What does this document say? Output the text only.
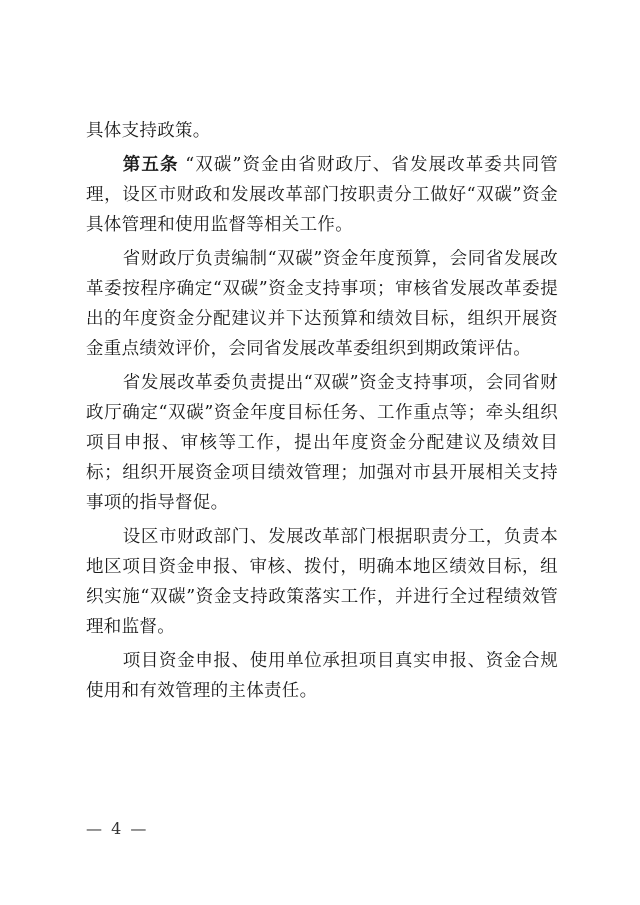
具体支持政策。

第五条 “双碳”资金由省财政厅、省发展改革委共同管理，设区市财政和发展改革部门按职责分工做好“双碳”资金具体管理和使用监督等相关工作。

省财政厅负责编制“双碳”资金年度预算，会同省发展改革委按程序确定“双碳”资金支持事项；审核省发展改革委提出的年度资金分配建议并下达预算和绩效目标，组织开展资金重点绩效评价，会同省发展改革委组织到期政策评估。

省发展改革委负责提出“双碳”资金支持事项，会同省财政厅确定“双碳”资金年度目标任务、工作重点等；牵头组织项目申报、审核等工作，提出年度资金分配建议及绩效目标；组织开展资金项目绩效管理；加强对市县开展相关支持事项的指导督促。

设区市财政部门、发展改革部门根据职责分工，负责本地区项目资金申报、审核、拨付，明确本地区绩效目标，组织实施“双碳”资金支持政策落实工作，并进行全过程绩效管理和监督。

项目资金申报、使用单位承担项目真实申报、资金合规使用和有效管理的主体责任。

— 4 —
